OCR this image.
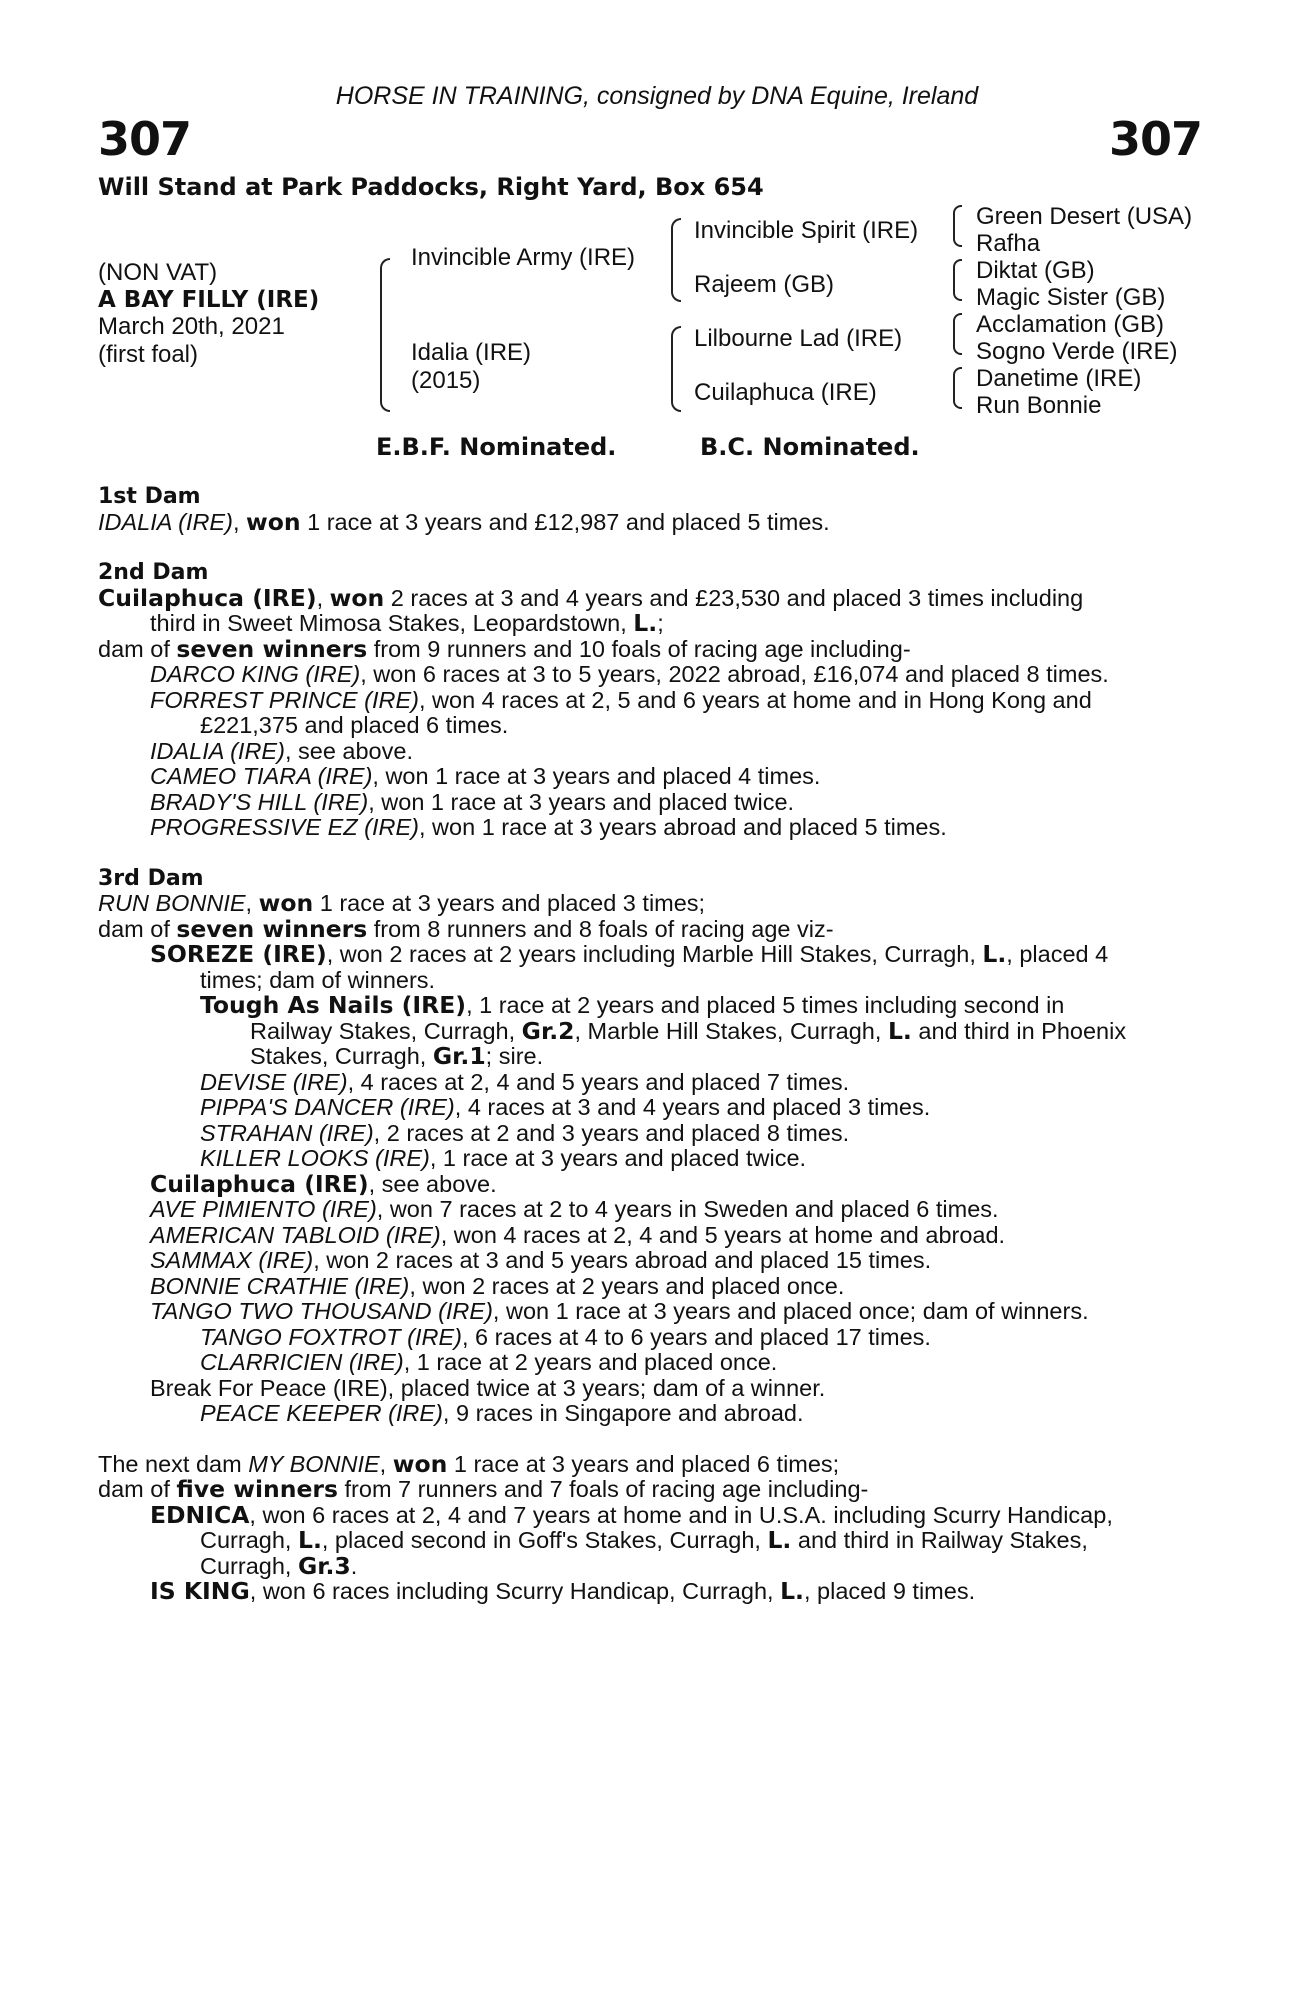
HORSE IN TRAINING, consigned by DNA Equine, Ireland
307	307
Will Stand at Park Paddocks, Right Yard, Box 654
(NON VAT)
A BAY FILLY (IRE)
March 20th, 2021
(first foal)
Invincible Army (IRE)
Idalia (IRE)
(2015)
Invincible Spirit (IRE)
Rajeem (GB)
Lilbourne Lad (IRE)
Cuilaphuca (IRE)
Green Desert (USA)
Rafha
Diktat (GB)
Magic Sister (GB)
Acclamation (GB)
Sogno Verde (IRE)
Danetime (IRE)
Run Bonnie
E.B.F. Nominated.	B.C. Nominated.

1st Dam

IDALIA (IRE), won 1 race at 3 years and £12,987 and placed 5 times.

2nd Dam

Cuilaphuca (IRE), won 2 races at 3 and 4 years and £23,530 and placed 3 times including

third in Sweet Mimosa Stakes, Leopardstown, L.;

dam of seven winners from 9 runners and 10 foals of racing age including-

DARCO KING (IRE), won 6 races at 3 to 5 years, 2022 abroad, £16,074 and placed 8 times.

FORREST PRINCE (IRE), won 4 races at 2, 5 and 6 years at home and in Hong Kong and

£221,375 and placed 6 times.

IDALIA (IRE), see above.

CAMEO TIARA (IRE), won 1 race at 3 years and placed 4 times.

BRADY'S HILL (IRE), won 1 race at 3 years and placed twice.

PROGRESSIVE EZ (IRE), won 1 race at 3 years abroad and placed 5 times.

3rd Dam

RUN BONNIE, won 1 race at 3 years and placed 3 times;

dam of seven winners from 8 runners and 8 foals of racing age viz-

SOREZE (IRE), won 2 races at 2 years including Marble Hill Stakes, Curragh, L., placed 4

times; dam of winners.

Tough As Nails (IRE), 1 race at 2 years and placed 5 times including second in

Railway Stakes, Curragh, Gr.2, Marble Hill Stakes, Curragh, L. and third in Phoenix

Stakes, Curragh, Gr.1; sire.

DEVISE (IRE), 4 races at 2, 4 and 5 years and placed 7 times.

PIPPA'S DANCER (IRE), 4 races at 3 and 4 years and placed 3 times.

STRAHAN (IRE), 2 races at 2 and 3 years and placed 8 times.

KILLER LOOKS (IRE), 1 race at 3 years and placed twice.

Cuilaphuca (IRE), see above.

AVE PIMIENTO (IRE), won 7 races at 2 to 4 years in Sweden and placed 6 times.

AMERICAN TABLOID (IRE), won 4 races at 2, 4 and 5 years at home and abroad.

SAMMAX (IRE), won 2 races at 3 and 5 years abroad and placed 15 times.

BONNIE CRATHIE (IRE), won 2 races at 2 years and placed once.

TANGO TWO THOUSAND (IRE), won 1 race at 3 years and placed once; dam of winners.

TANGO FOXTROT (IRE), 6 races at 4 to 6 years and placed 17 times.

CLARRICIEN (IRE), 1 race at 2 years and placed once.

Break For Peace (IRE), placed twice at 3 years; dam of a winner.

PEACE KEEPER (IRE), 9 races in Singapore and abroad.

The next dam MY BONNIE, won 1 race at 3 years and placed 6 times;

dam of five winners from 7 runners and 7 foals of racing age including-

EDNICA, won 6 races at 2, 4 and 7 years at home and in U.S.A. including Scurry Handicap,

Curragh, L., placed second in Goff's Stakes, Curragh, L. and third in Railway Stakes,

Curragh, Gr.3.

IS KING, won 6 races including Scurry Handicap, Curragh, L., placed 9 times.
